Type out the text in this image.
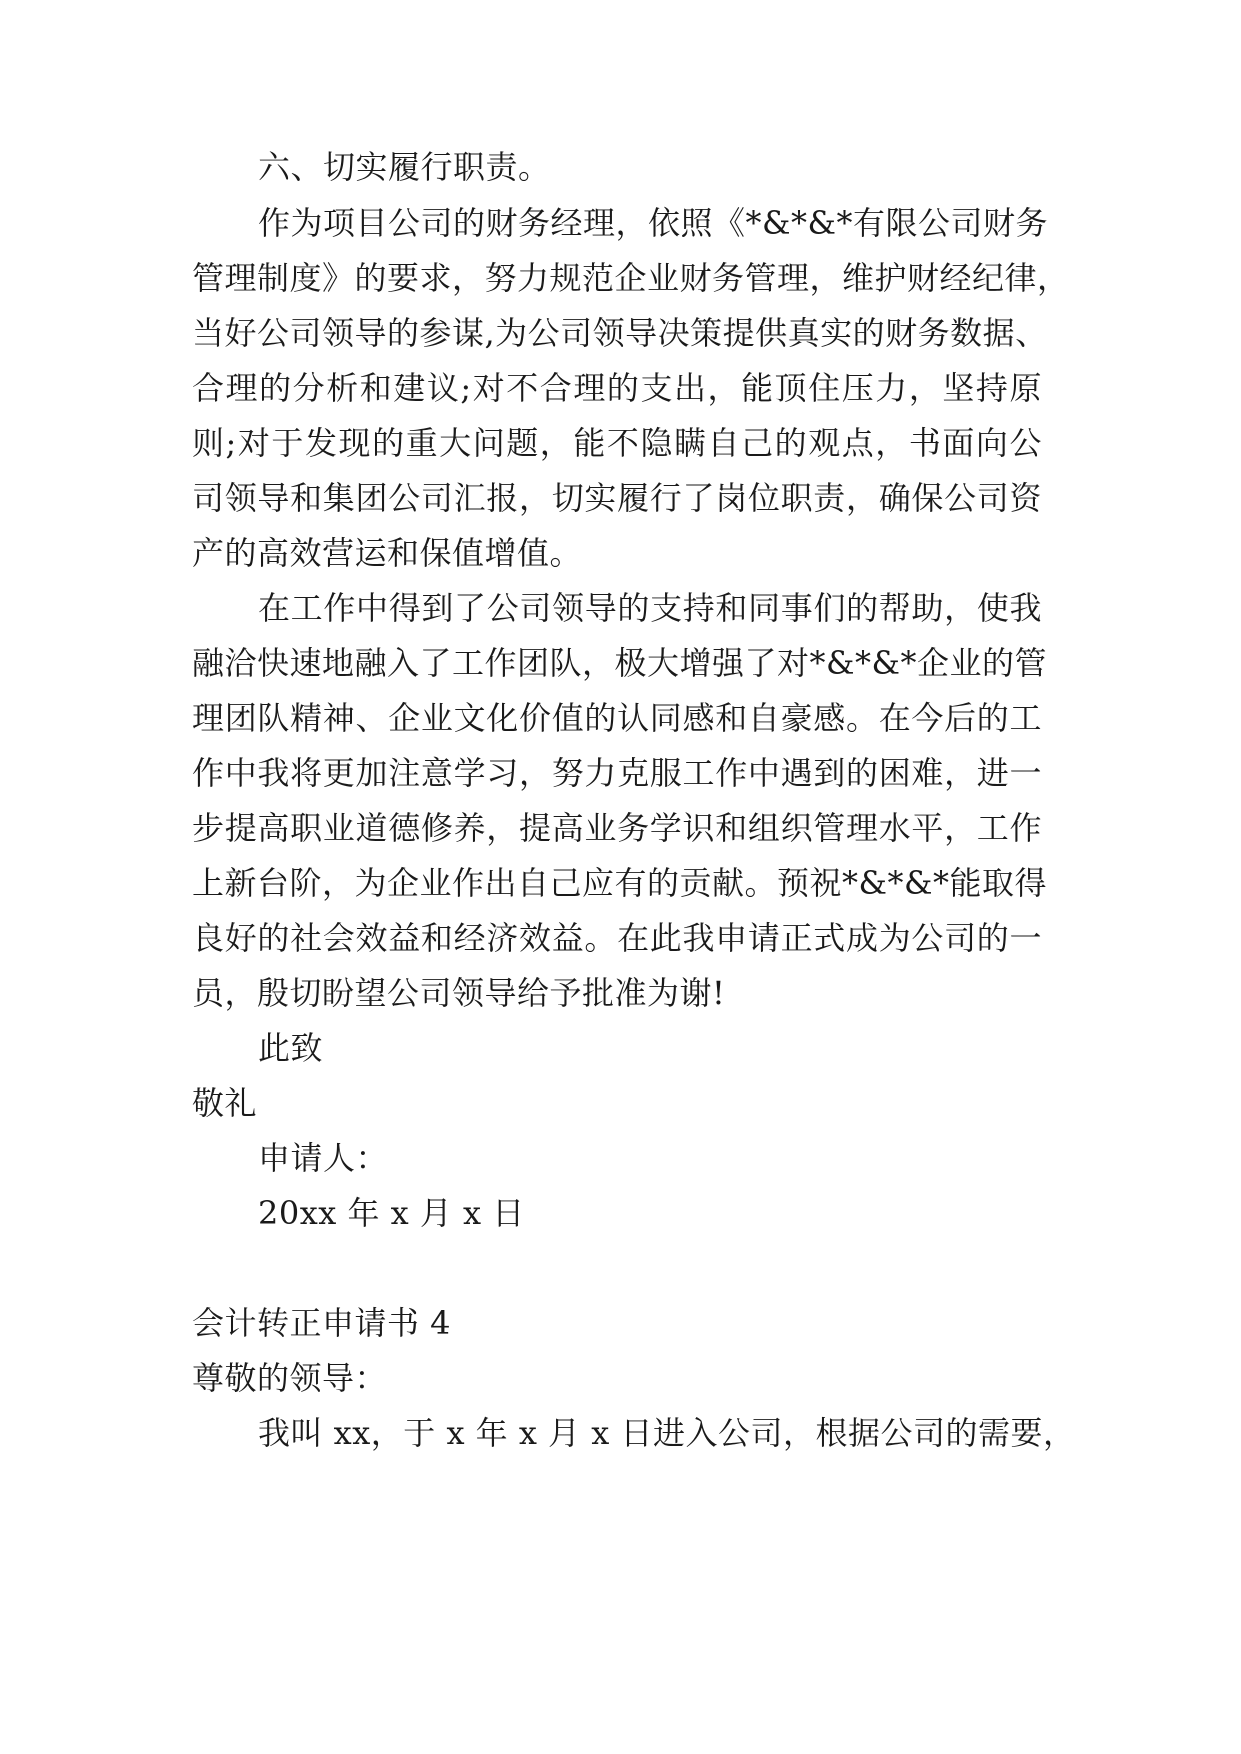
六、切实履行职责。
作为项目公司的财务经理，依照《*&*&*有限公司财务
管理制度》的要求，努力规范企业财务管理，维护财经纪律，
当好公司领导的参谋,为公司领导决策提供真实的财务数据、
合理的分析和建议;对不合理的支出，能顶住压力，坚持原
则;对于发现的重大问题，能不隐瞒自己的观点，书面向公
司领导和集团公司汇报，切实履行了岗位职责，确保公司资
产的高效营运和保值增值。
在工作中得到了公司领导的支持和同事们的帮助，使我
融洽快速地融入了工作团队，极大增强了对*&*&*企业的管
理团队精神、企业文化价值的认同感和自豪感。在今后的工
作中我将更加注意学习，努力克服工作中遇到的困难，进一
步提高职业道德修养，提高业务学识和组织管理水平，工作
上新台阶，为企业作出自己应有的贡献。预祝*&*&*能取得
良好的社会效益和经济效益。在此我申请正式成为公司的一
员，殷切盼望公司领导给予批准为谢!
此致
敬礼
申请人：
20xx 年 x 月 x 日
会计转正申请书 4
尊敬的领导：
我叫 xx，于 x 年 x 月 x 日进入公司，根据公司的需要，
